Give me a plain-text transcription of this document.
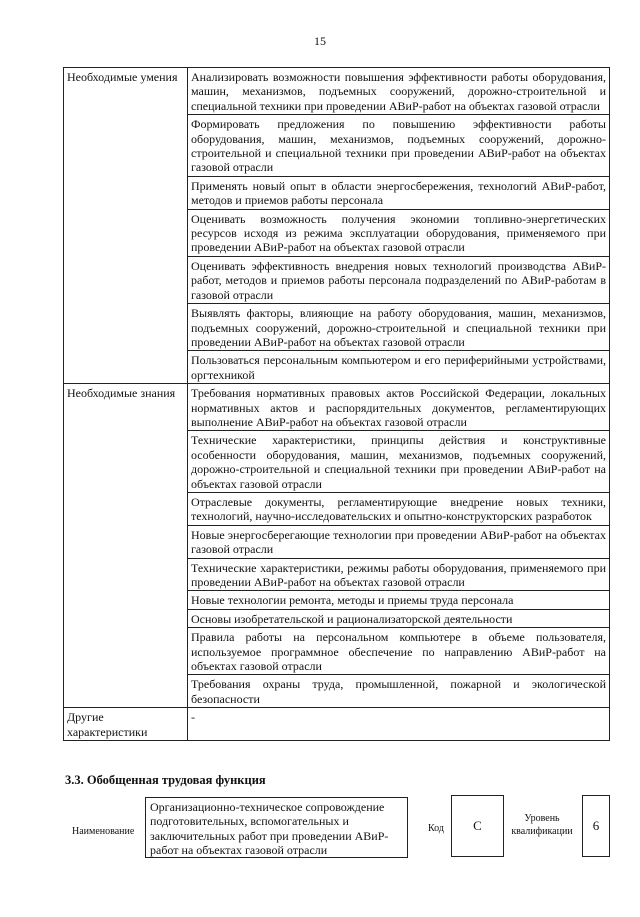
15
Необходимые умения	Анализировать возможности повышения эффективности работы оборудования, машин, механизмов, подъемных сооружений, дорожно-строительной и специальной техники при проведении АВиР-работ на объектах газовой отрасли
	Формировать предложения по повышению эффективности работы оборудования, машин, механизмов, подъемных сооружений, дорожно-строительной и специальной техники при проведении АВиР-работ на объектах газовой отрасли
	Применять новый опыт в области энергосбережения, технологий АВиР-работ, методов и приемов работы персонала
	Оценивать возможность получения экономии топливно-энергетических ресурсов исходя из режима эксплуатации оборудования, применяемого при проведении АВиР-работ на объектах газовой отрасли
	Оценивать эффективность внедрения новых технологий производства АВиР-работ, методов и приемов работы персонала подразделений по АВиР-работам в газовой отрасли
	Выявлять факторы, влияющие на работу оборудования, машин, механизмов, подъемных сооружений, дорожно-строительной и специальной техники при проведении АВиР-работ на объектах газовой отрасли
	Пользоваться персональным компьютером и его периферийными устройствами, оргтехникой
Необходимые знания	Требования нормативных правовых актов Российской Федерации, локальных нормативных актов и распорядительных документов, регламентирующих выполнение АВиР-работ на объектах газовой отрасли
	Технические характеристики, принципы действия и конструктивные особенности оборудования, машин, механизмов, подъемных сооружений, дорожно-строительной и специальной техники при проведении АВиР-работ на объектах газовой отрасли
	Отраслевые документы, регламентирующие внедрение новых техники, технологий, научно-исследовательских и опытно-конструкторских разработок
	Новые энергосберегающие технологии при проведении АВиР-работ на объектах газовой отрасли
	Технические характеристики, режимы работы оборудования, применяемого при проведении АВиР-работ на объектах газовой отрасли
	Новые технологии ремонта, методы и приемы труда персонала
	Основы изобретательской и рационализаторской деятельности
	Правила работы на персональном компьютере в объеме пользователя, используемое программное обеспечение по направлению АВиР-работ на объектах газовой отрасли
	Требования охраны труда, промышленной, пожарной и экологической безопасности
Другие характеристики	-
3.3. Обобщенная трудовая функция
Наименование
Организационно-техническое сопровождение подготовительных, вспомогательных и заключительных работ при проведении АВиР-работ на объектах газовой отрасли
Код	C	Уровень квалификации	6
